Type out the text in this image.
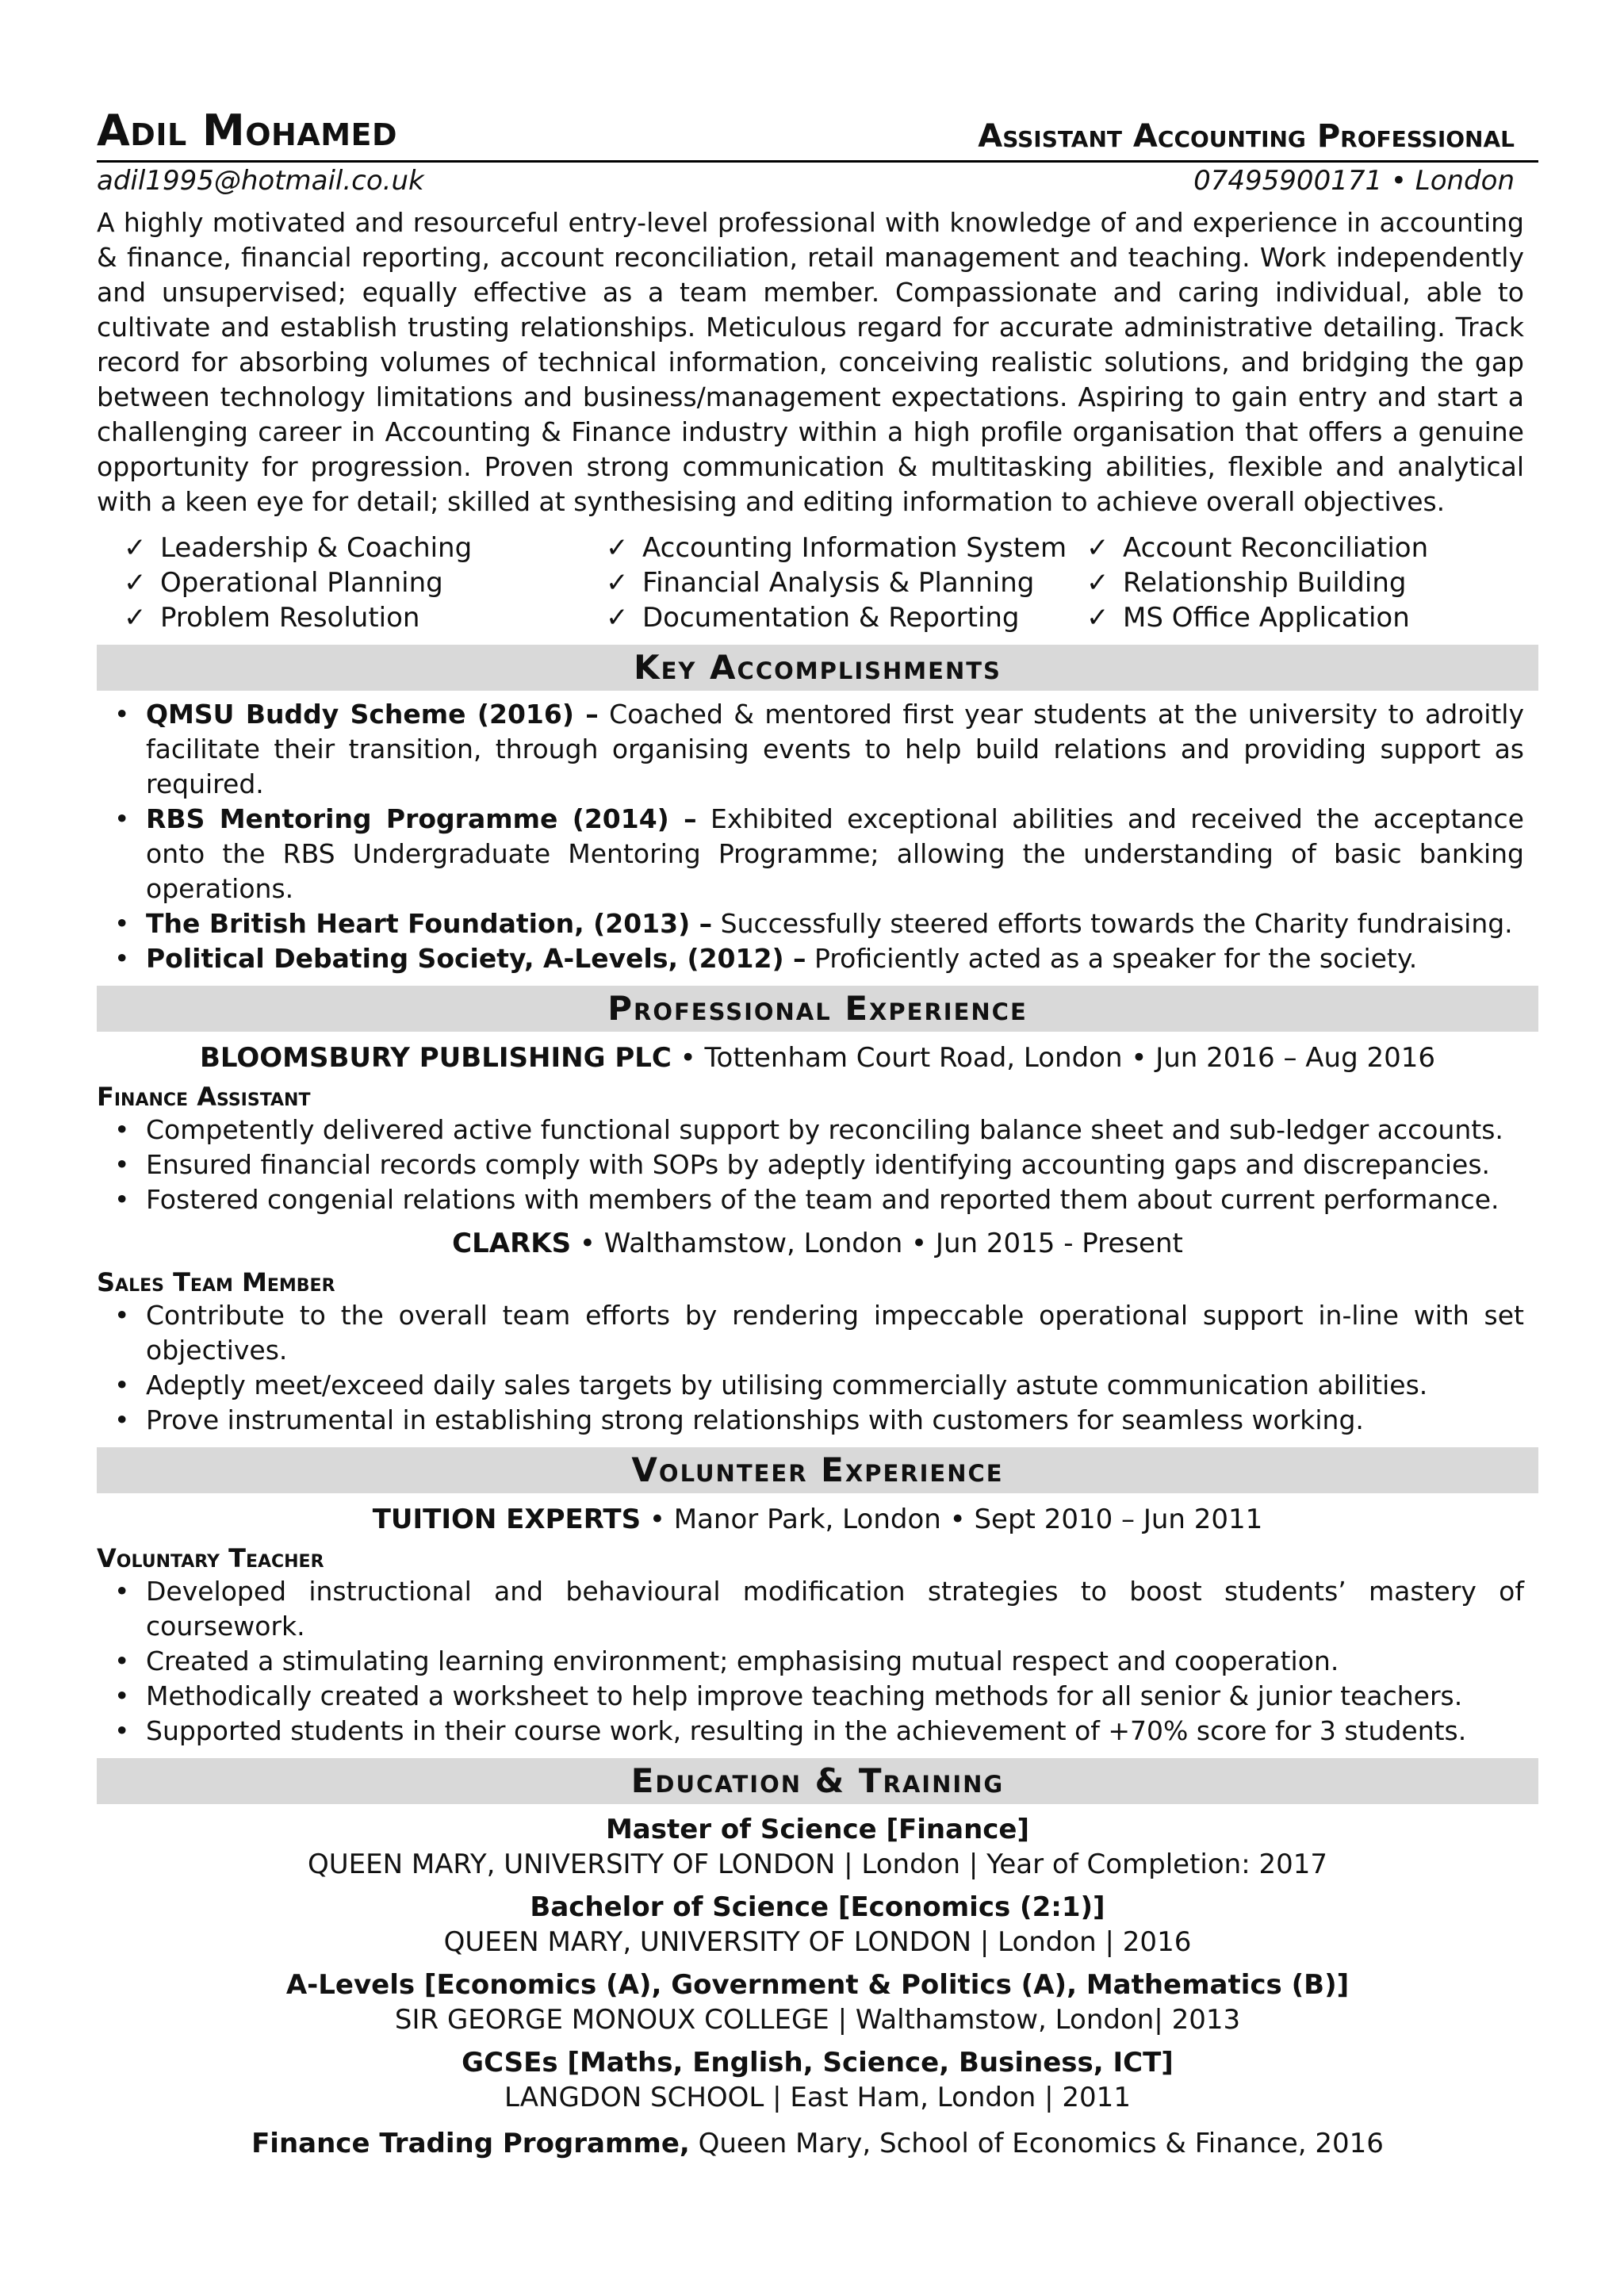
Adil Mohamed	Assistant Accounting Professional
adil1995@hotmail.co.uk	07495900171 • London
A highly motivated and resourceful entry-level professional with knowledge of and experience in accounting & finance, financial reporting, account reconciliation, retail management and teaching. Work independently and unsupervised; equally effective as a team member. Compassionate and caring individual, able to cultivate and establish trusting relationships. Meticulous regard for accurate administrative detailing. Track record for absorbing volumes of technical information, conceiving realistic solutions, and bridging the gap between technology limitations and business/management expectations. Aspiring to gain entry and start a challenging career in Accounting & Finance industry within a high profile organisation that offers a genuine opportunity for progression. Proven strong communication & multitasking abilities, flexible and analytical with a keen eye for detail; skilled at synthesising and editing information to achieve overall objectives.
✓ Leadership & Coaching	✓ Accounting Information System ✓ Account Reconciliation
✓ Operational Planning	✓ Financial Analysis & Planning	✓ Relationship Building
✓ Problem Resolution	✓ Documentation & Reporting	✓ MS Office Application
Key Accomplishments
• QMSU Buddy Scheme (2016) – Coached & mentored first year students at the university to adroitly facilitate their transition, through organising events to help build relations and providing support as required.
• RBS Mentoring Programme (2014) – Exhibited exceptional abilities and received the acceptance onto the RBS Undergraduate Mentoring Programme; allowing the understanding of basic banking operations.
• The British Heart Foundation, (2013) – Successfully steered efforts towards the Charity fundraising.
• Political Debating Society, A-Levels, (2012) – Proficiently acted as a speaker for the society.
Professional Experience
BLOOMSBURY PUBLISHING PLC • Tottenham Court Road, London • Jun 2016 – Aug 2016
Finance Assistant
• Competently delivered active functional support by reconciling balance sheet and sub-ledger accounts.
• Ensured financial records comply with SOPs by adeptly identifying accounting gaps and discrepancies.
• Fostered congenial relations with members of the team and reported them about current performance.
CLARKS • Walthamstow, London • Jun 2015 - Present
Sales Team Member
• Contribute to the overall team efforts by rendering impeccable operational support in-line with set objectives.
• Adeptly meet/exceed daily sales targets by utilising commercially astute communication abilities.
• Prove instrumental in establishing strong relationships with customers for seamless working.
Volunteer Experience
TUITION EXPERTS • Manor Park, London • Sept 2010 – Jun 2011
Voluntary Teacher
• Developed instructional and behavioural modification strategies to boost students’ mastery of coursework.
• Created a stimulating learning environment; emphasising mutual respect and cooperation.
• Methodically created a worksheet to help improve teaching methods for all senior & junior teachers.
• Supported students in their course work, resulting in the achievement of +70% score for 3 students.
Education & Training
Master of Science [Finance]
QUEEN MARY, UNIVERSITY OF LONDON | London | Year of Completion: 2017
Bachelor of Science [Economics (2:1)]
QUEEN MARY, UNIVERSITY OF LONDON | London | 2016
A-Levels [Economics (A), Government & Politics (A), Mathematics (B)]
SIR GEORGE MONOUX COLLEGE | Walthamstow, London| 2013
GCSEs [Maths, English, Science, Business, ICT]
LANGDON SCHOOL | East Ham, London | 2011
Finance Trading Programme, Queen Mary, School of Economics & Finance, 2016
